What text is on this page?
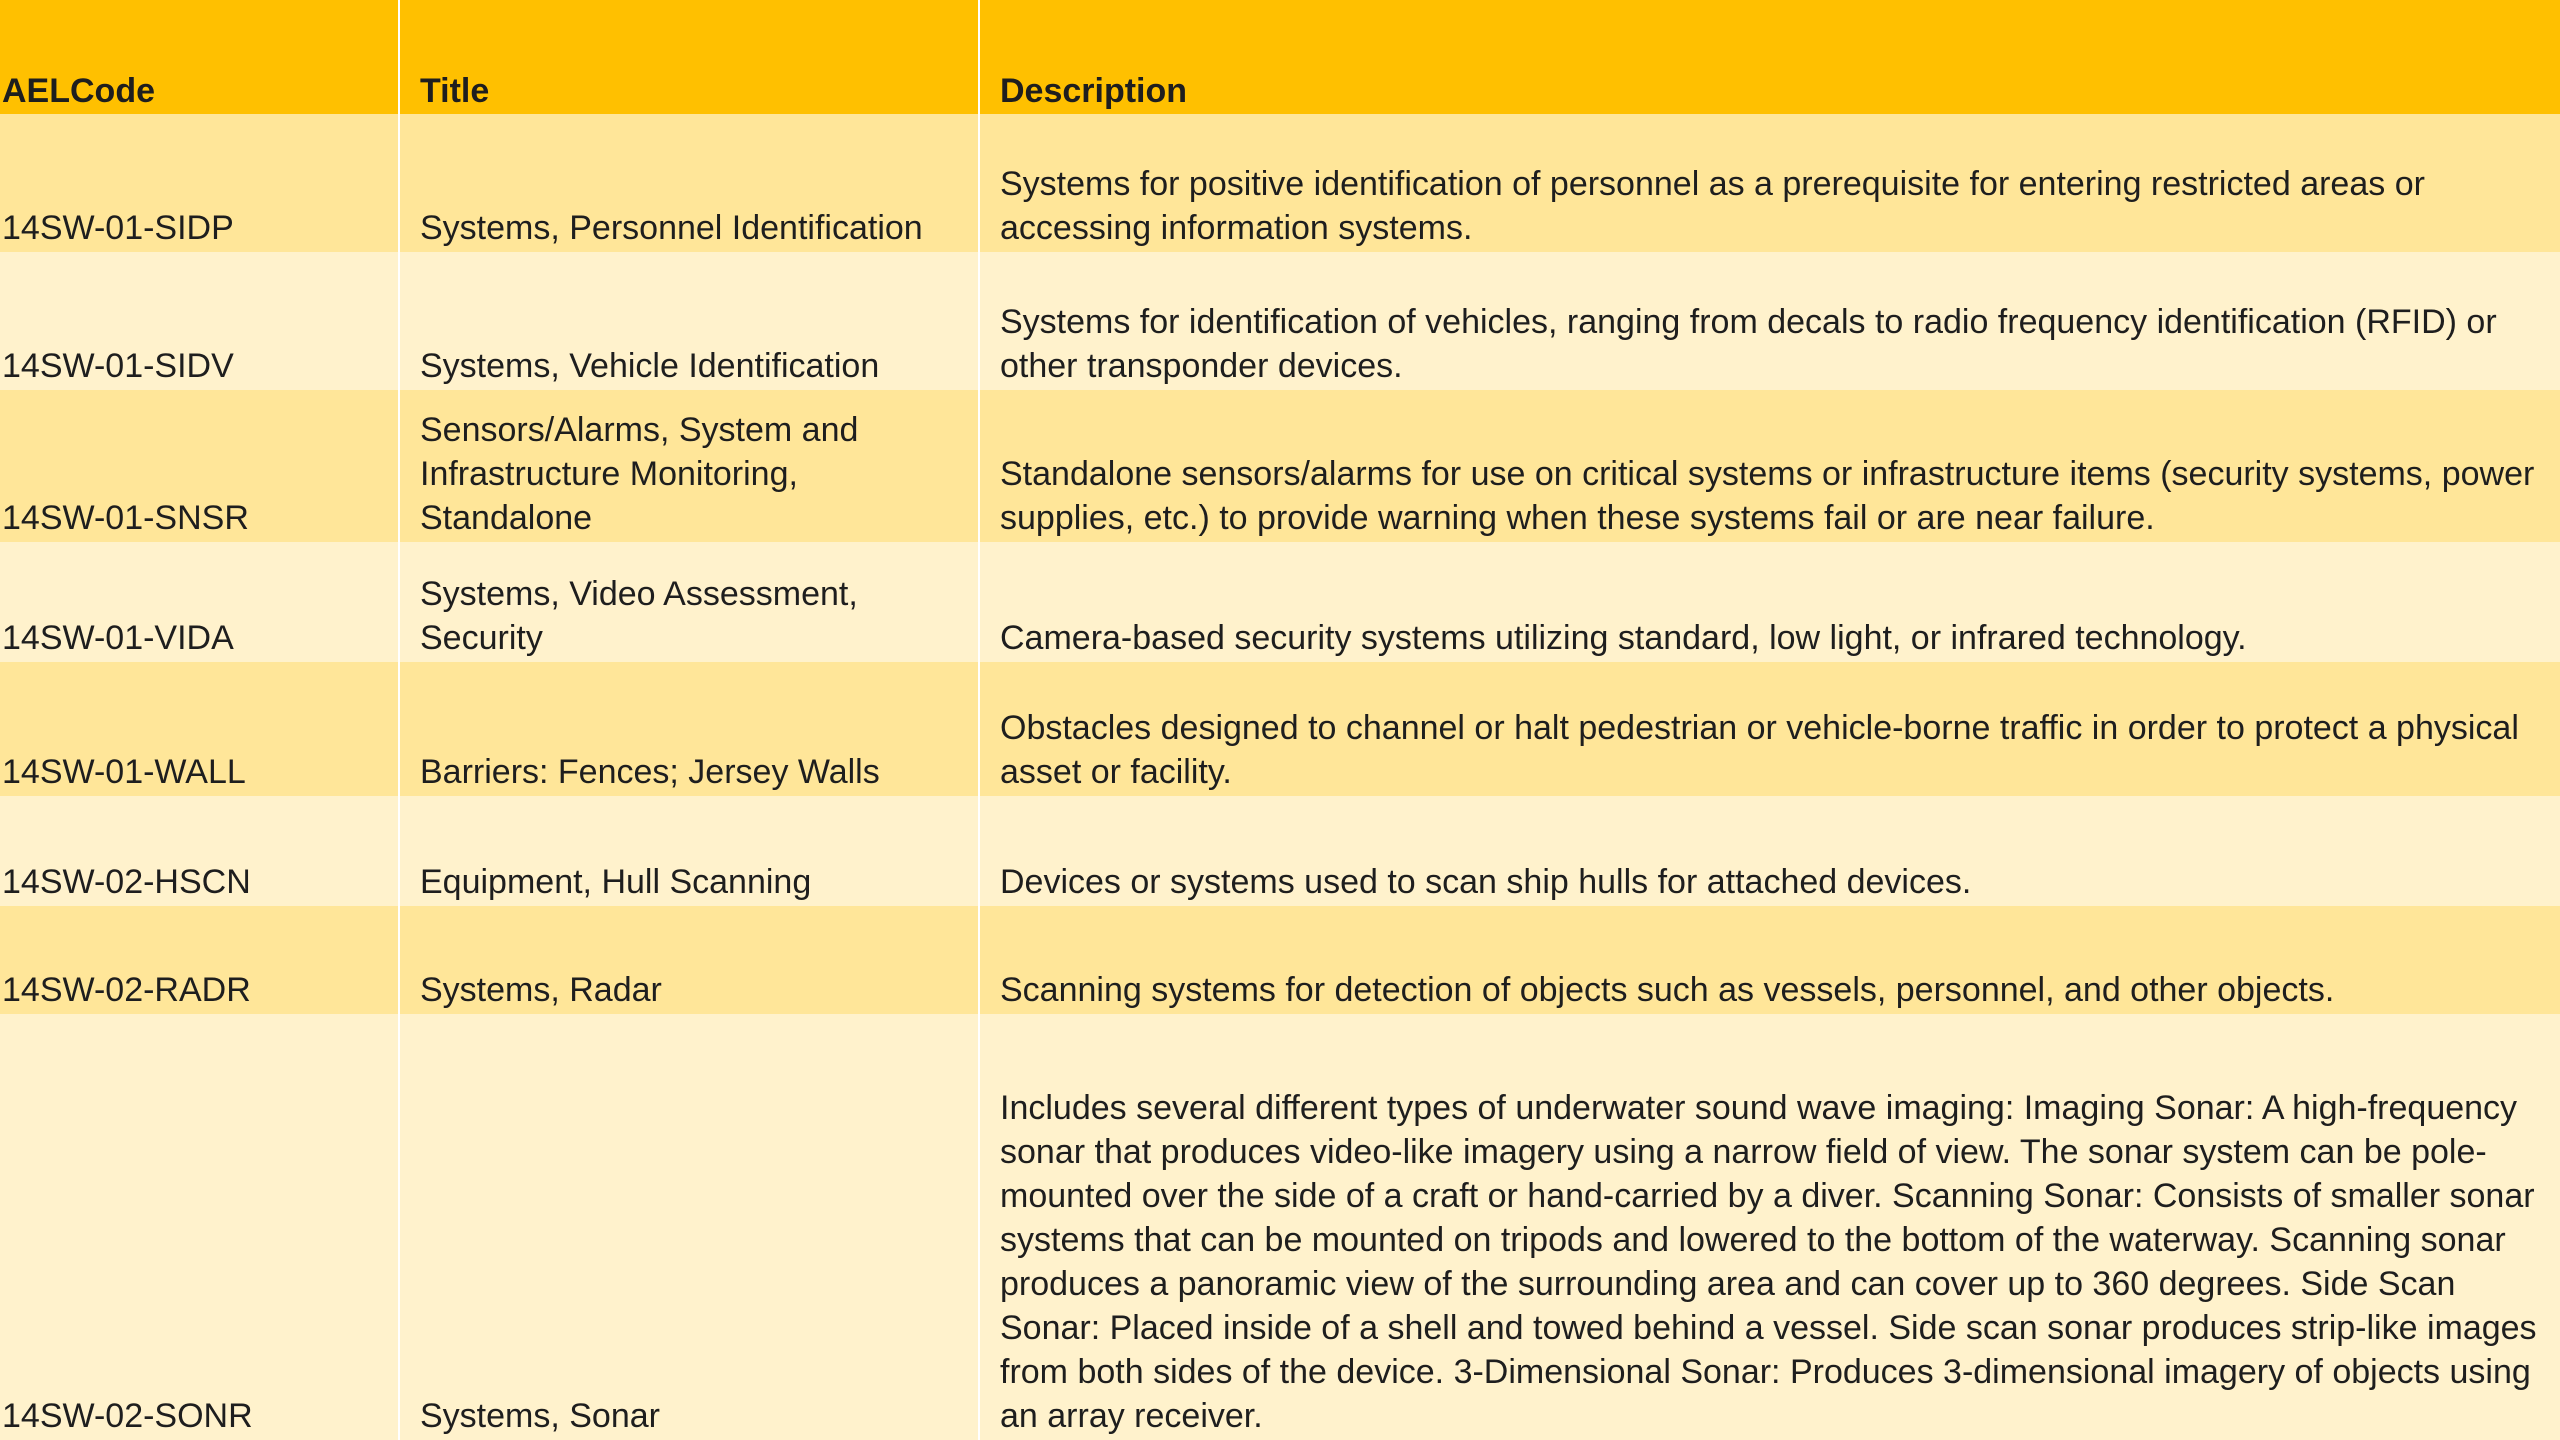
AELCode	Title	Description
14SW-01-SIDP	Systems, Personnel Identification	Systems for positive identification of personnel as a prerequisite for entering restricted areas or accessing information systems.
14SW-01-SIDV	Systems, Vehicle Identification	Systems for identification of vehicles, ranging from decals to radio frequency identification (RFID) or other transponder devices.
14SW-01-SNSR	Sensors/Alarms, System and Infrastructure Monitoring, Standalone	Standalone sensors/alarms for use on critical systems or infrastructure items (security systems, power supplies, etc.) to provide warning when these systems fail or are near failure.
14SW-01-VIDA	Systems, Video Assessment, Security	Camera-based security systems utilizing standard, low light, or infrared technology.
14SW-01-WALL	Barriers: Fences; Jersey Walls	Obstacles designed to channel or halt pedestrian or vehicle-borne traffic in order to protect a physical asset or facility.
14SW-02-HSCN	Equipment, Hull Scanning	Devices or systems used to scan ship hulls for attached devices.
14SW-02-RADR	Systems, Radar	Scanning systems for detection of objects such as vessels, personnel, and other objects.
14SW-02-SONR	Systems, Sonar	Includes several different types of underwater sound wave imaging: Imaging Sonar: A high-frequency sonar that produces video-like imagery using a narrow field of view. The sonar system can be pole-mounted over the side of a craft or hand-carried by a diver. Scanning Sonar: Consists of smaller sonar systems that can be mounted on tripods and lowered to the bottom of the waterway. Scanning sonar produces a panoramic view of the surrounding area and can cover up to 360 degrees. Side Scan Sonar: Placed inside of a shell and towed behind a vessel. Side scan sonar produces strip-like images from both sides of the device. 3-Dimensional Sonar: Produces 3-dimensional imagery of objects using an array receiver.
